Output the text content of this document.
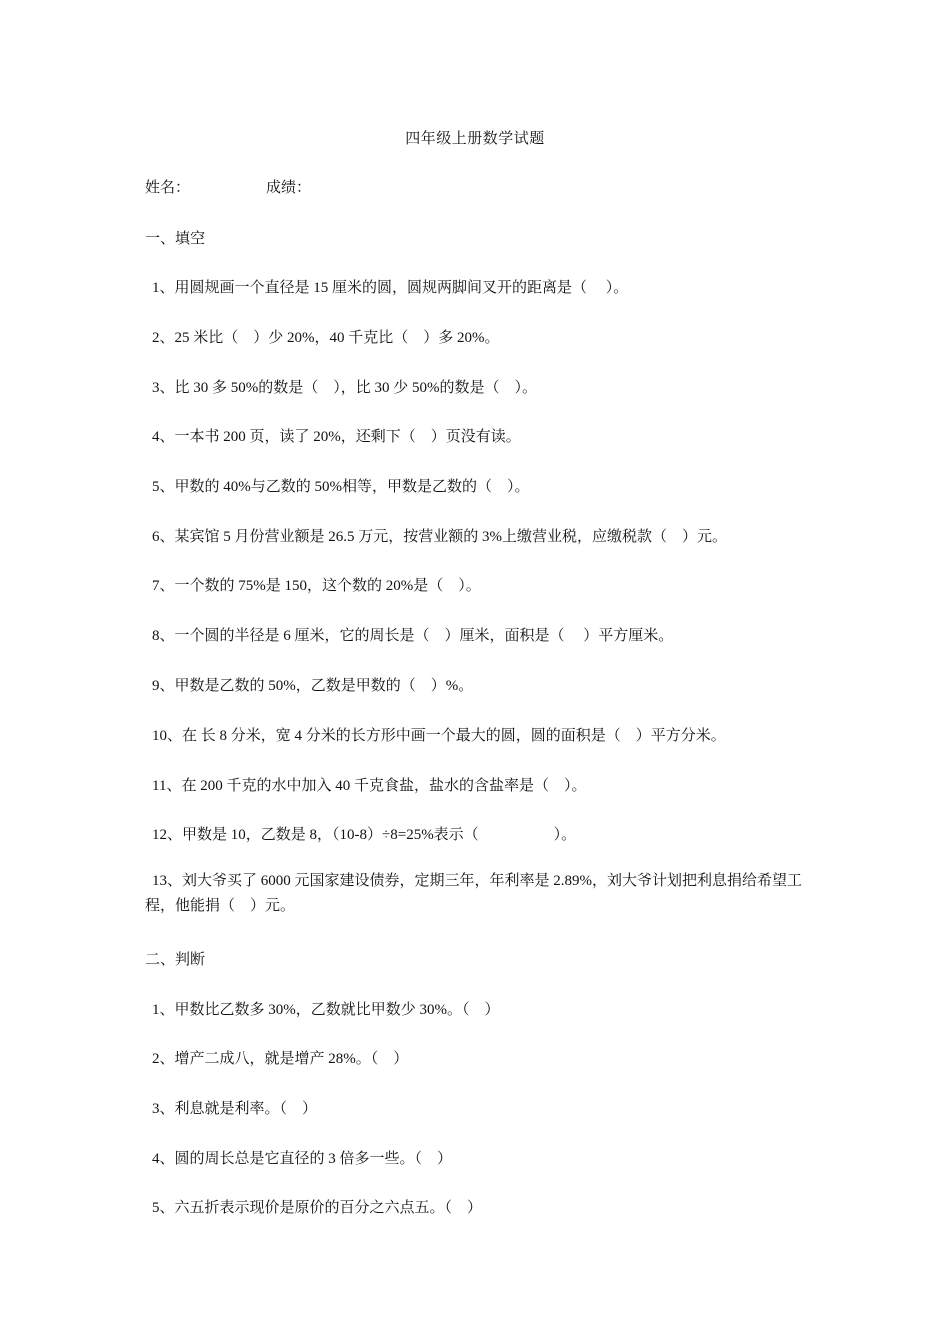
四年级上册数学试题
姓名：	成绩：
一、填空
1、用圆规画一个直径是 15 厘米的圆，圆规两脚间叉开的距离是（　 ）。
2、25 米比（　）少 20%，40 千克比（　）多 20%。
3、比 30 多 50%的数是（　），比 30 少 50%的数是（　）。
4、一本书 200 页，读了 20%，还剩下（　）页没有读。
5、甲数的 40%与乙数的 50%相等，甲数是乙数的（　）。
6、某宾馆 5 月份营业额是 26.5 万元，按营业额的 3%上缴营业税，应缴税款（　）元。
7、一个数的 75%是 150，这个数的 20%是（　）。
8、一个圆的半径是 6 厘米，它的周长是（　）厘米，面积是（　 ）平方厘米。
9、甲数是乙数的 50%，乙数是甲数的（　）%。
10、在 长 8 分米，宽 4 分米的长方形中画一个最大的圆，圆的面积是（　）平方分米。
11、在 200 千克的水中加入 40 千克食盐，盐水的含盐率是（　）。
12、甲数是 10，乙数是 8，（10-8）÷8=25%表示（　　　　　）。
13、刘大爷买了 6000 元国家建设债券，定期三年，年利率是 2.89%，刘大爷计划把利息捐给希望工程，他能捐（　）元。
二、判断
1、甲数比乙数多 30%，乙数就比甲数少 30%。（　）
2、增产二成八，就是增产 28%。（　）
3、利息就是利率。（　）
4、圆的周长总是它直径的 3 倍多一些。（　）
5、六五折表示现价是原价的百分之六点五。（　）
